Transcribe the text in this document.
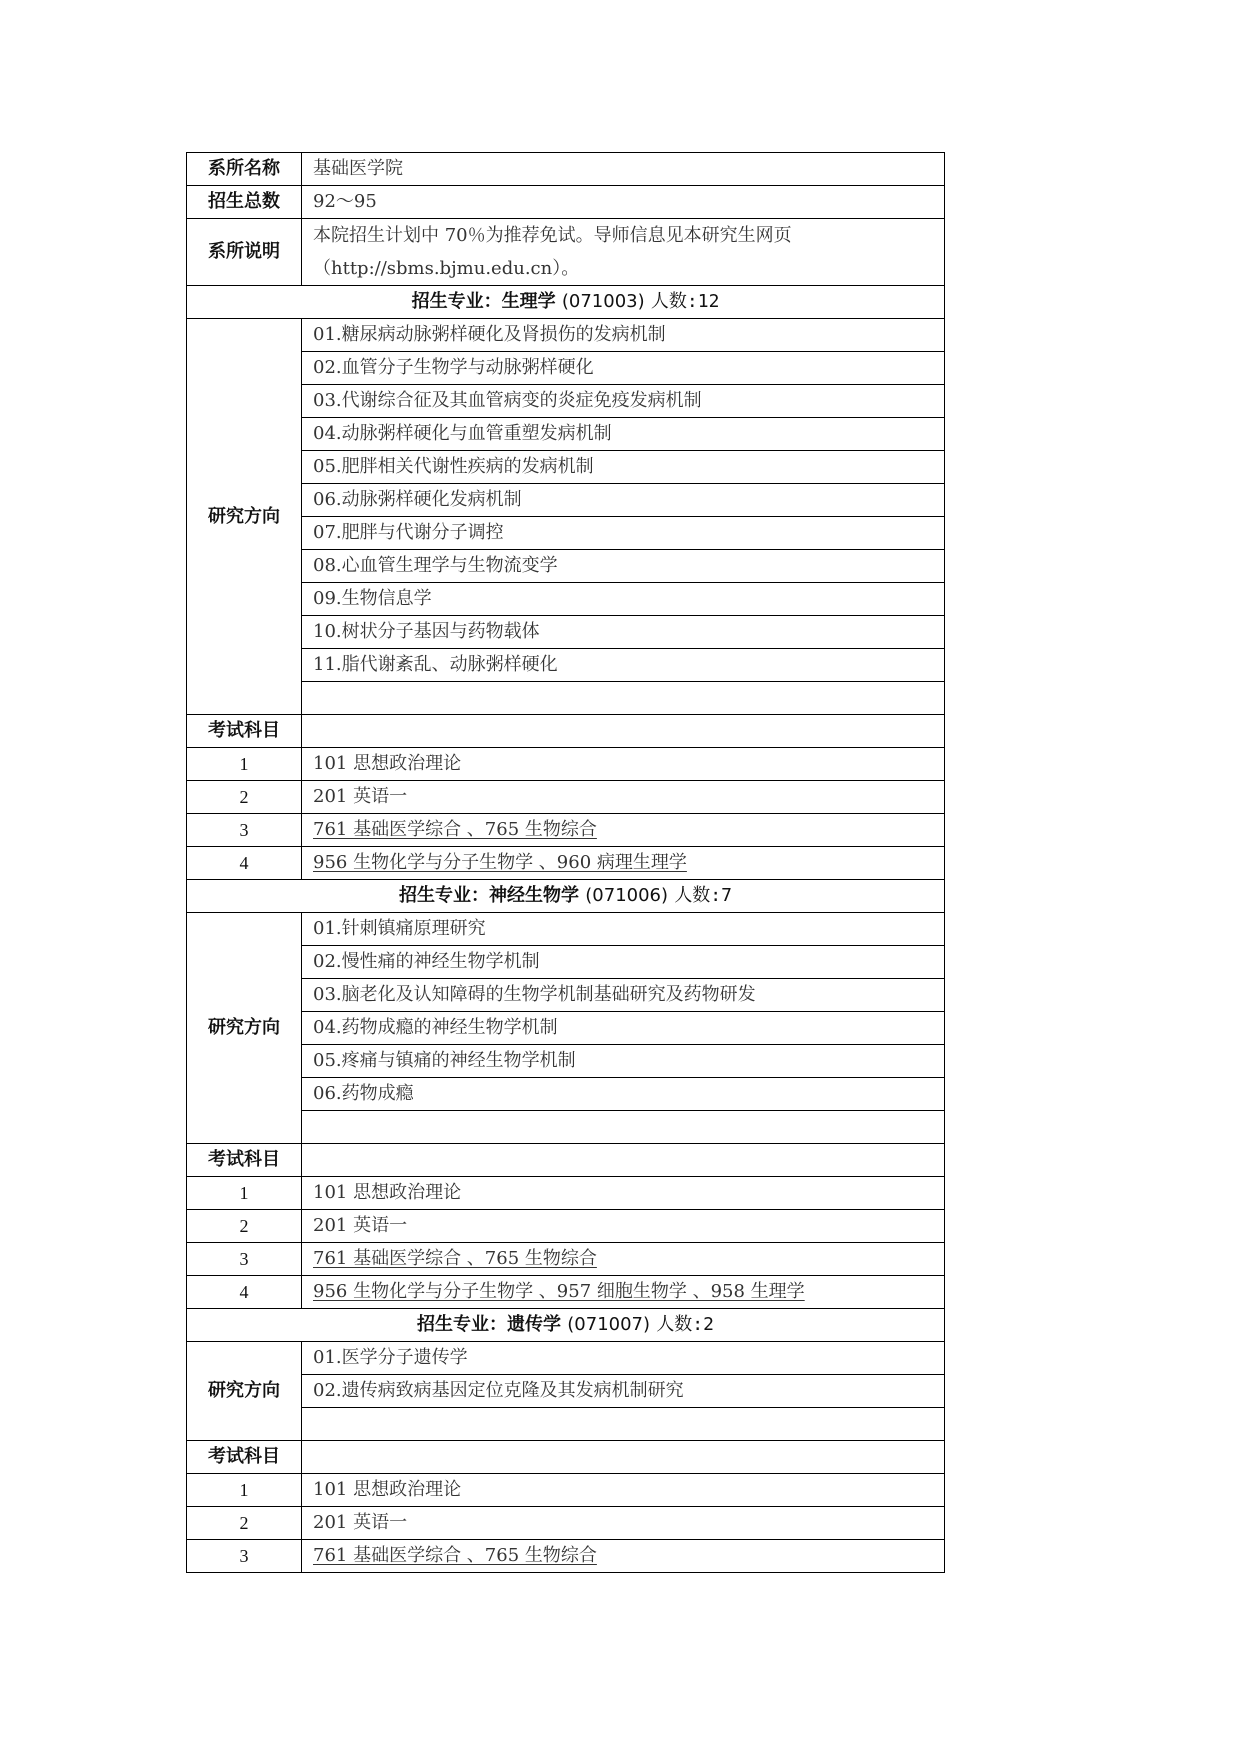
系所名称	基础医学院
招生总数	92～95
系所说明	本院招生计划中 70％为推荐免试。导师信息见本研究生网页
（http://sbms.bjmu.edu.cn）。

招生专业：生理学 (071003) 人数:12	
研究方向	01.糖尿病动脉粥样硬化及肾损伤的发病机制
	02.血管分子生物学与动脉粥样硬化
	03.代谢综合征及其血管病变的炎症免疫发病机制
	04.动脉粥样硬化与血管重塑发病机制
	05.肥胖相关代谢性疾病的发病机制
	06.动脉粥样硬化发病机制
	07.肥胖与代谢分子调控
	08.心血管生理学与生物流变学
	09.生物信息学
	10.树状分子基因与药物载体
	11.脂代谢紊乱、动脉粥样硬化

考试科目	
1	101 思想政治理论
2	201 英语一
3	761 基础医学综合 、765 生物综合
4	956 生物化学与分子生物学 、960 病理生理学
招生专业：神经生物学 (071006) 人数:7	
研究方向	01.针刺镇痛原理研究
	02.慢性痛的神经生物学机制
	03.脑老化及认知障碍的生物学机制基础研究及药物研发
	04.药物成瘾的神经生物学机制
	05.疼痛与镇痛的神经生物学机制
	06.药物成瘾

考试科目	
1	101 思想政治理论
2	201 英语一
3	761 基础医学综合 、765 生物综合
4	956 生物化学与分子生物学 、957 细胞生物学 、958 生理学
招生专业：遗传学 (071007) 人数:2	
研究方向	01.医学分子遗传学
	02.遗传病致病基因定位克隆及其发病机制研究

考试科目	
1	101 思想政治理论
2	201 英语一
3	761 基础医学综合 、765 生物综合
